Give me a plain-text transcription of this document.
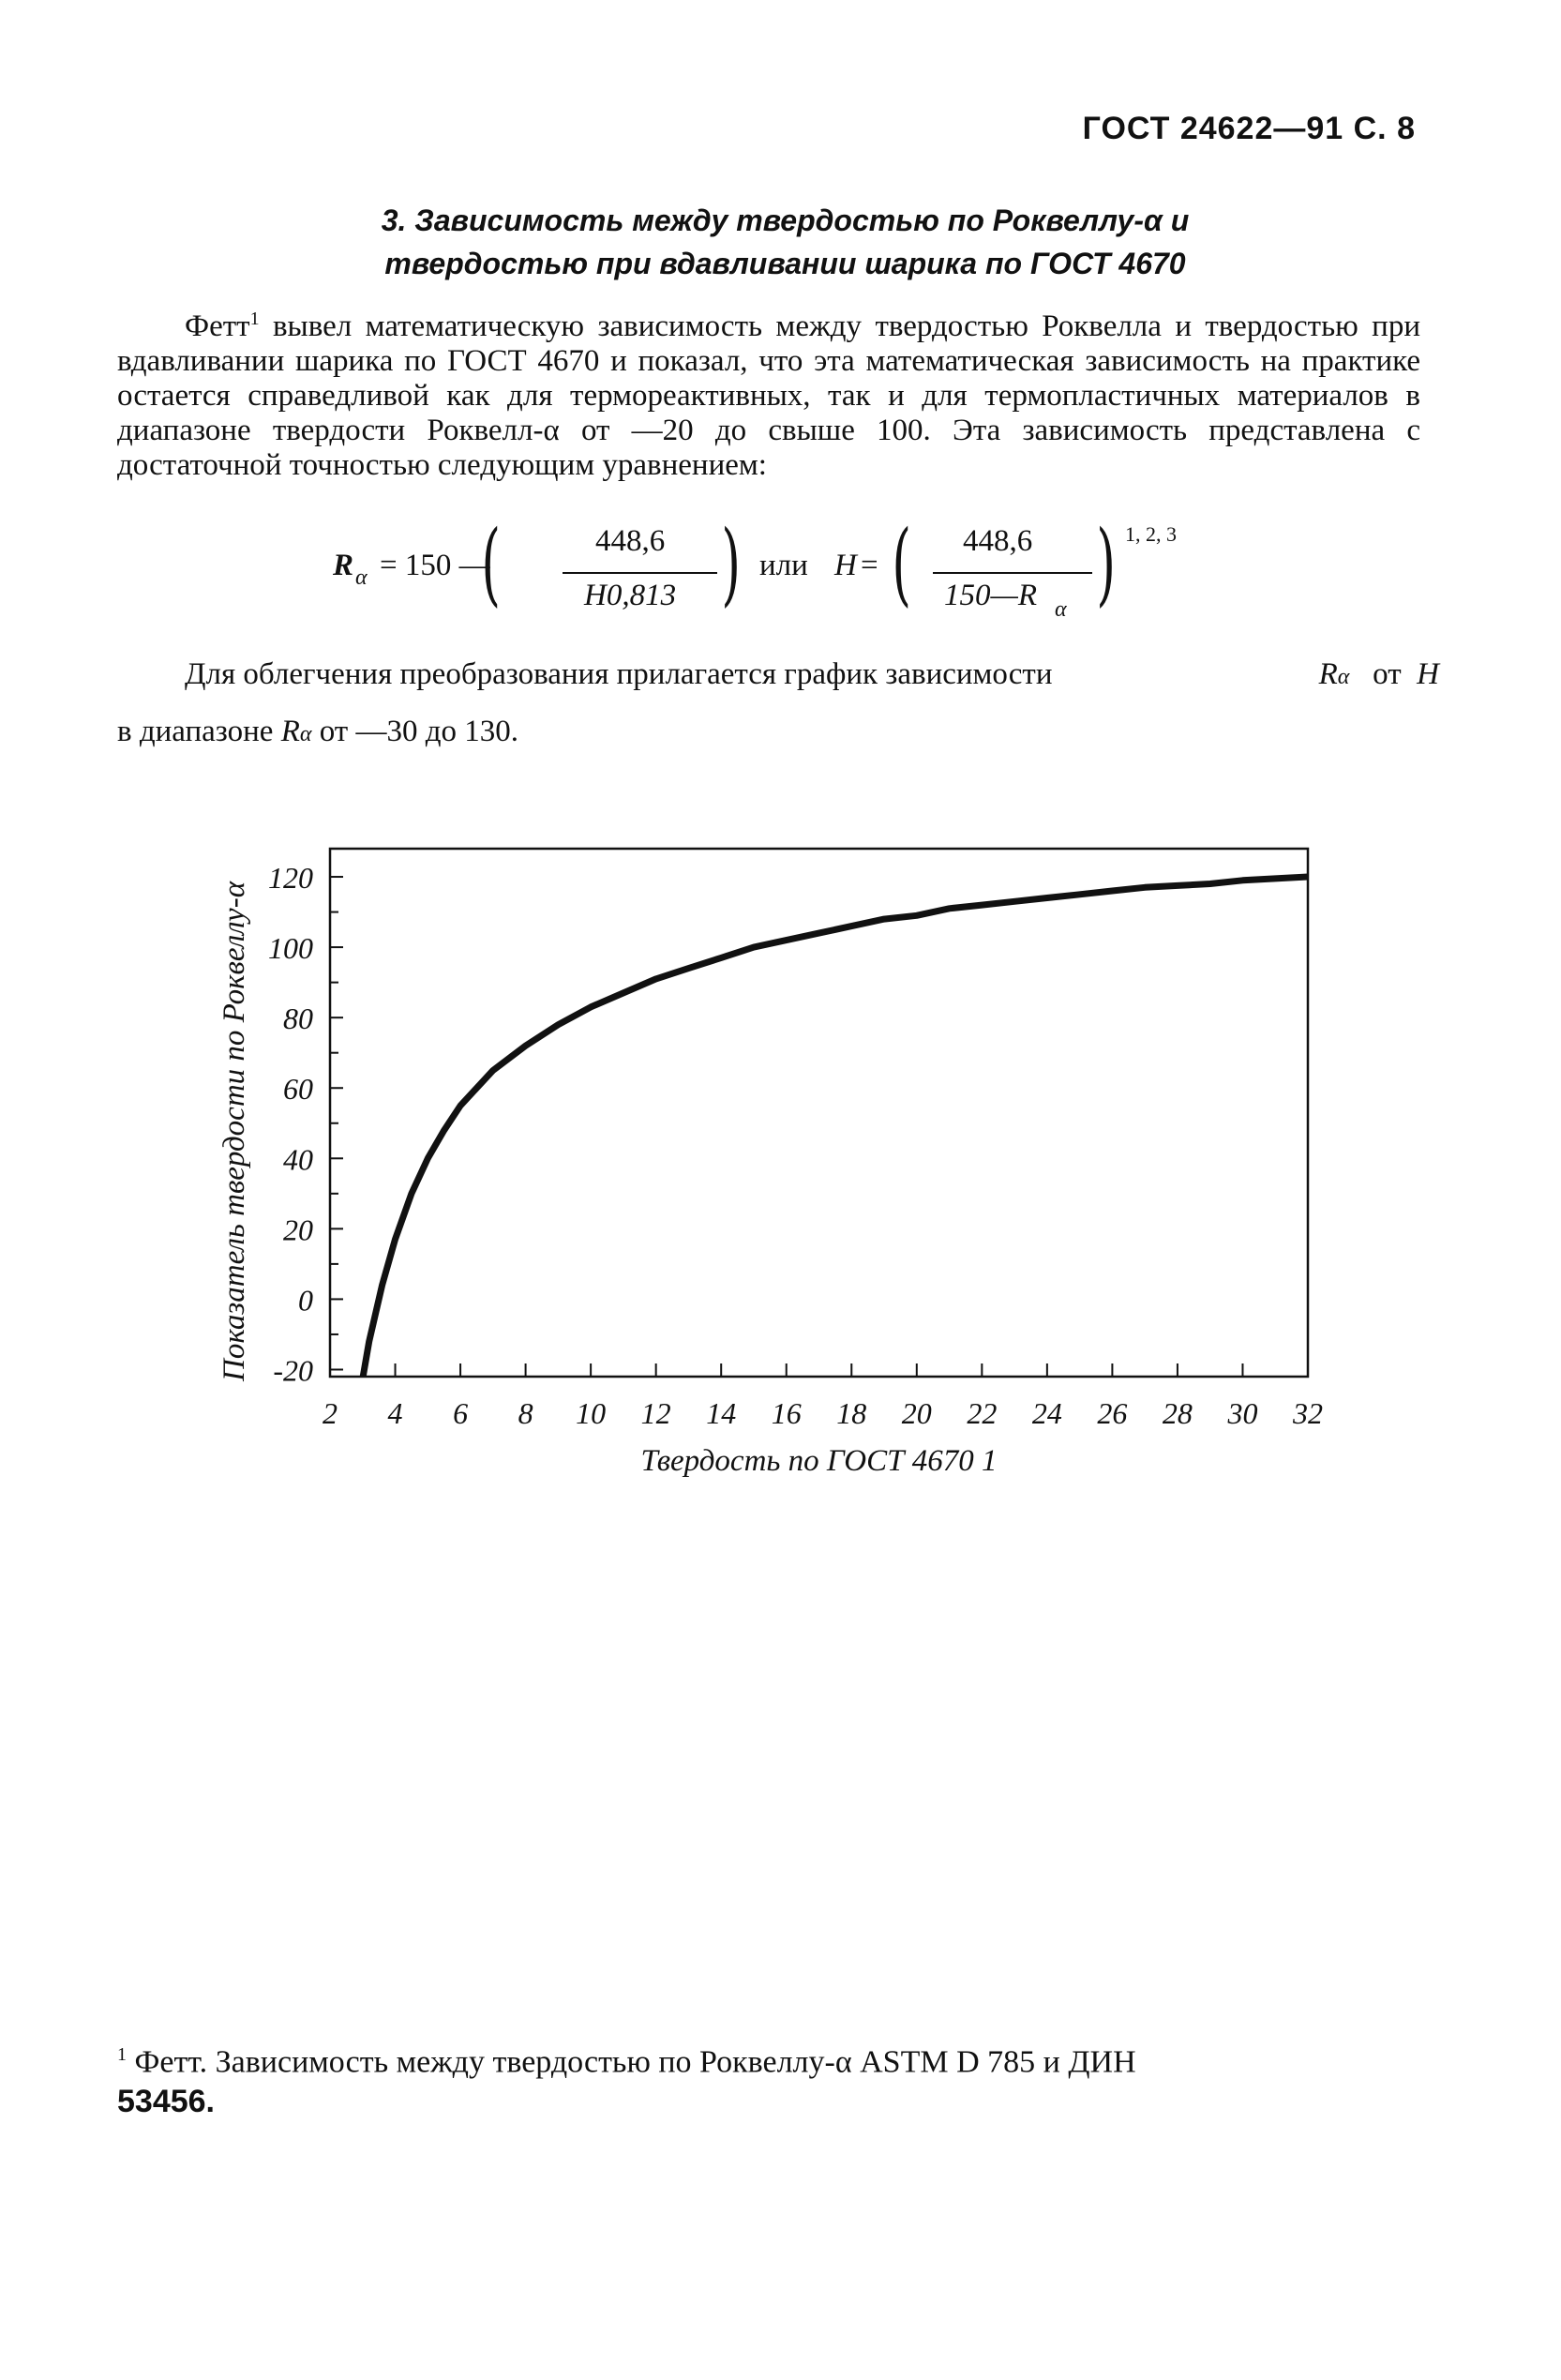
ГОСТ 24622—91 С. 8
3. Зависимость между твердостью по Роквеллу-α и
твердостью при вдавливании шарика по ГОСТ 4670
Фетт$^1$ вывел математическую зависимость между твердостью Роквелла и твердостью при вдавливании шарика по ГОСТ 4670 и показал, что эта математическая зависимость на практике остается справедливой как для термореактивных, так и для термопластичных материалов в диапазоне твердости Роквелл-α от —20 до свыше 100. Эта зависимость представлена с достаточной точностью следующим уравнением:
R α = 150 —
(	448,6
H0,813 ) или H = ( 448,6
150—R α ) 1, 2, 3
Для облегчения преобразования прилагается график зависимости	Rα от H
в диапазоне Rα от —30 до 130.
-20
0
20
40
60
80
100
120
2 4 6 8 10 12 14 16 18 20 22 24 26 28 30 32
Твердость по ГОСТ 4670 1
Показатель твердости по Роквеллу-α
$^1$ Фетт. Зависимость между твердостью по Роквеллу-α ASTM D 785 и ДИН
53456.
